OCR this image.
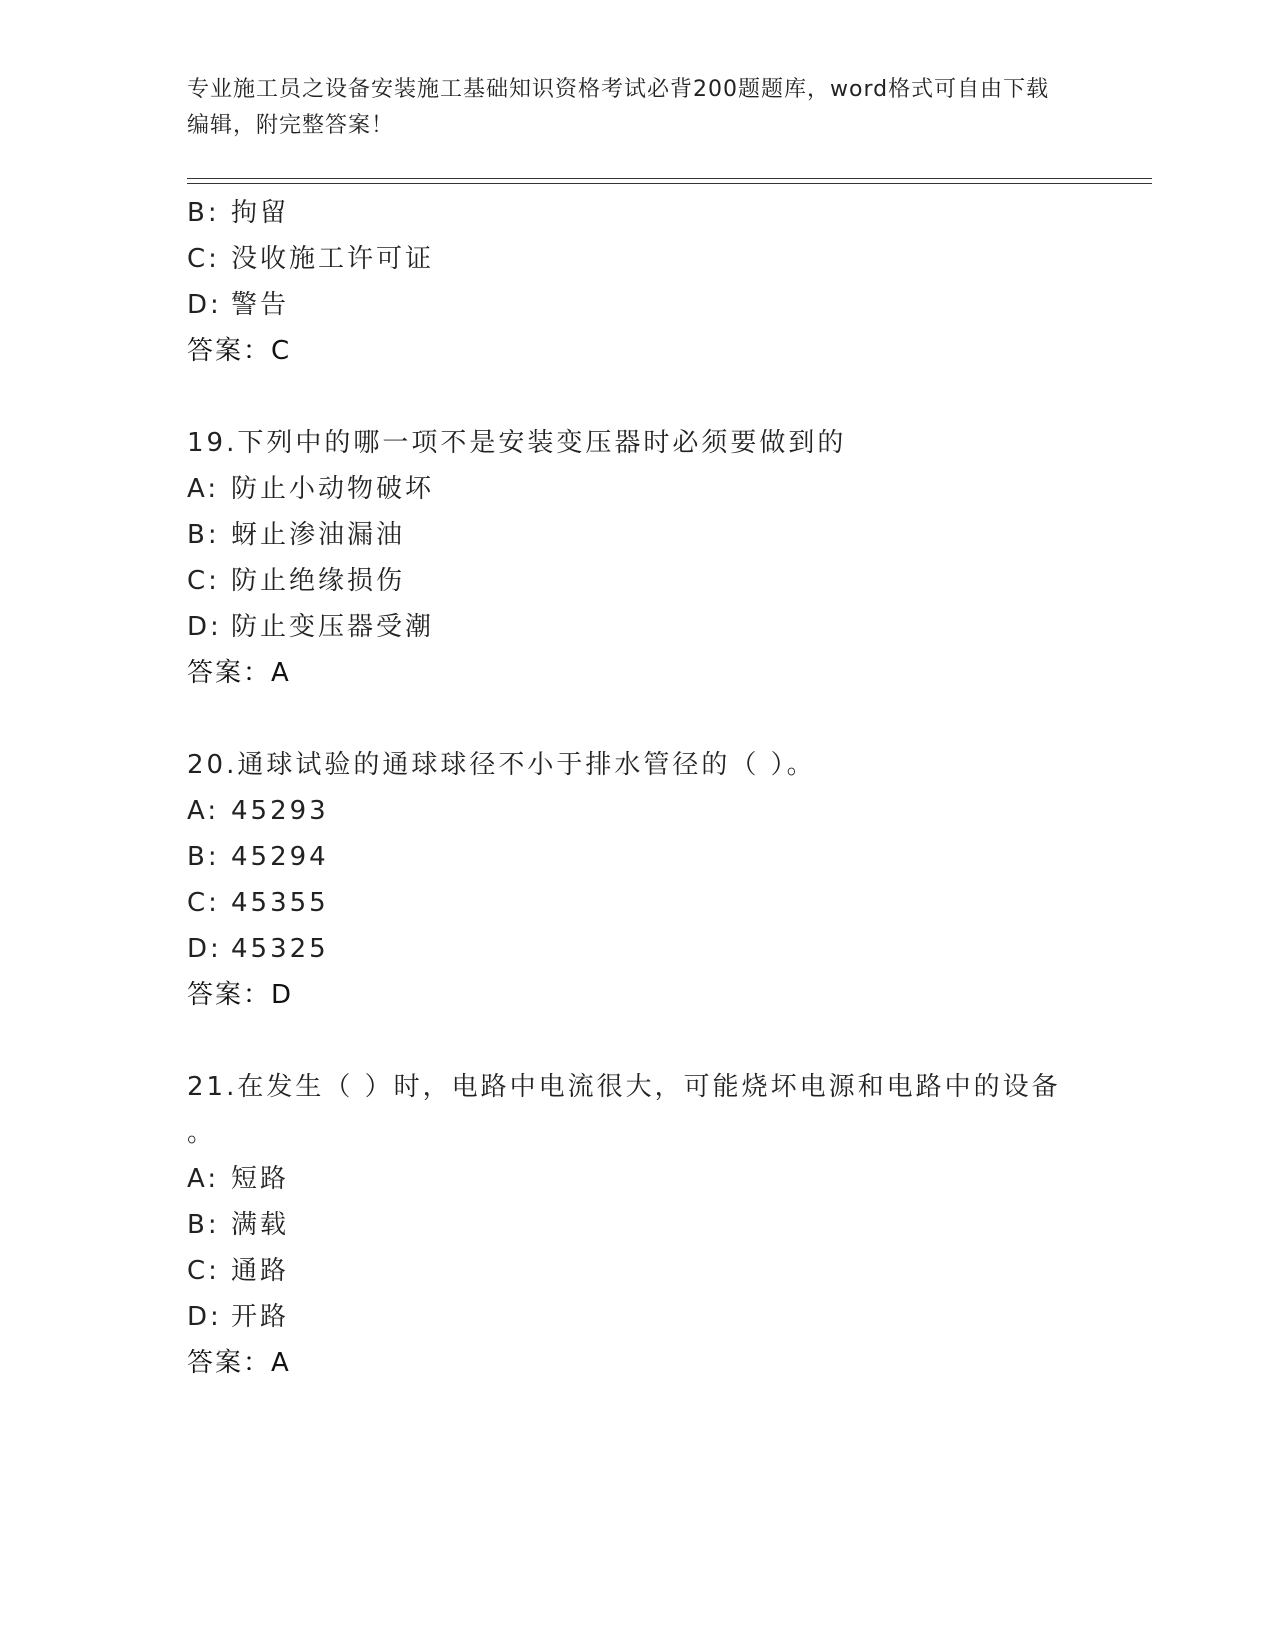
专业施工员之设备安装施工基础知识资格考试必背200题题库，word格式可自由下载编辑，附完整答案！
B: 拘留
C: 没收施工许可证
D: 警告
答案：C
19.下列中的哪一项不是安装变压器时必须要做到的
A: 防止小动物破坏
B: 蚜止渗油漏油
C: 防止绝缘损伤
D: 防止变压器受潮
答案：A
20.通球试验的通球球径不小于排水管径的（ ）。
A: 45293
B: 45294
C: 45355
D: 45325
答案：D
21.在发生（ ）时，电路中电流很大，可能烧坏电源和电路中的设备
。
A: 短路
B: 满载
C: 通路
D: 开路
答案：A
